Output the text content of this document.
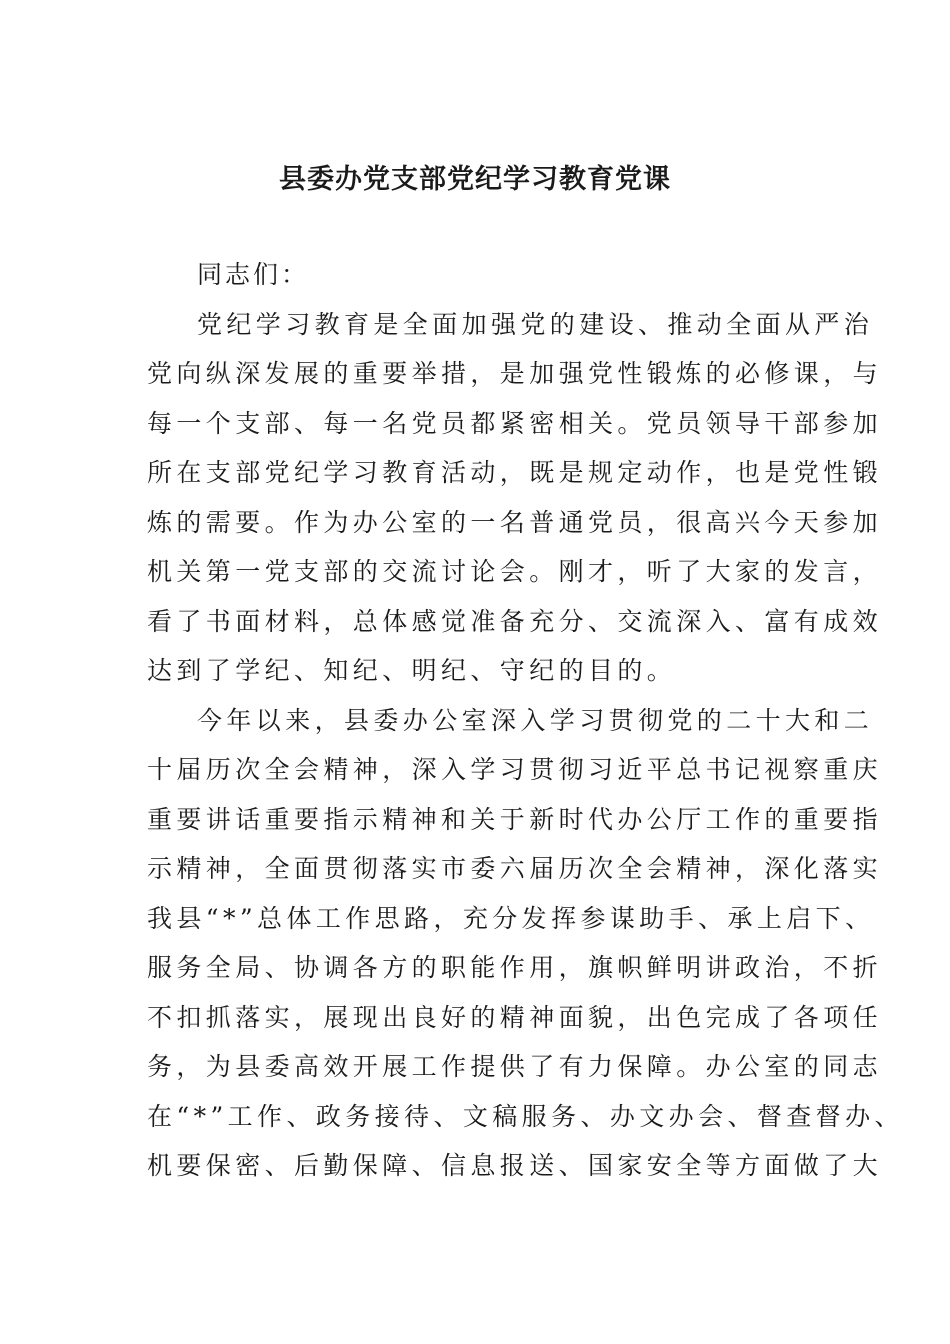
县委办党支部党纪学习教育党课
同志们：
党纪学习教育是全面加强党的建设、推动全面从严治
党向纵深发展的重要举措，是加强党性锻炼的必修课，与
每一个支部、每一名党员都紧密相关。党员领导干部参加
所在支部党纪学习教育活动，既是规定动作，也是党性锻
炼的需要。作为办公室的一名普通党员，很高兴今天参加
机关第一党支部的交流讨论会。刚才，听了大家的发言，
看了书面材料，总体感觉准备充分、交流深入、富有成效
达到了学纪、知纪、明纪、守纪的目的。
今年以来，县委办公室深入学习贯彻党的二十大和二
十届历次全会精神，深入学习贯彻习近平总书记视察重庆
重要讲话重要指示精神和关于新时代办公厅工作的重要指
示精神，全面贯彻落实市委六届历次全会精神，深化落实
我县“*”总体工作思路，充分发挥参谋助手、承上启下、
服务全局、协调各方的职能作用，旗帜鲜明讲政治，不折
不扣抓落实，展现出良好的精神面貌，出色完成了各项任
务，为县委高效开展工作提供了有力保障。办公室的同志
在“*”工作、政务接待、文稿服务、办文办会、督查督办、
机要保密、后勤保障、信息报送、国家安全等方面做了大
